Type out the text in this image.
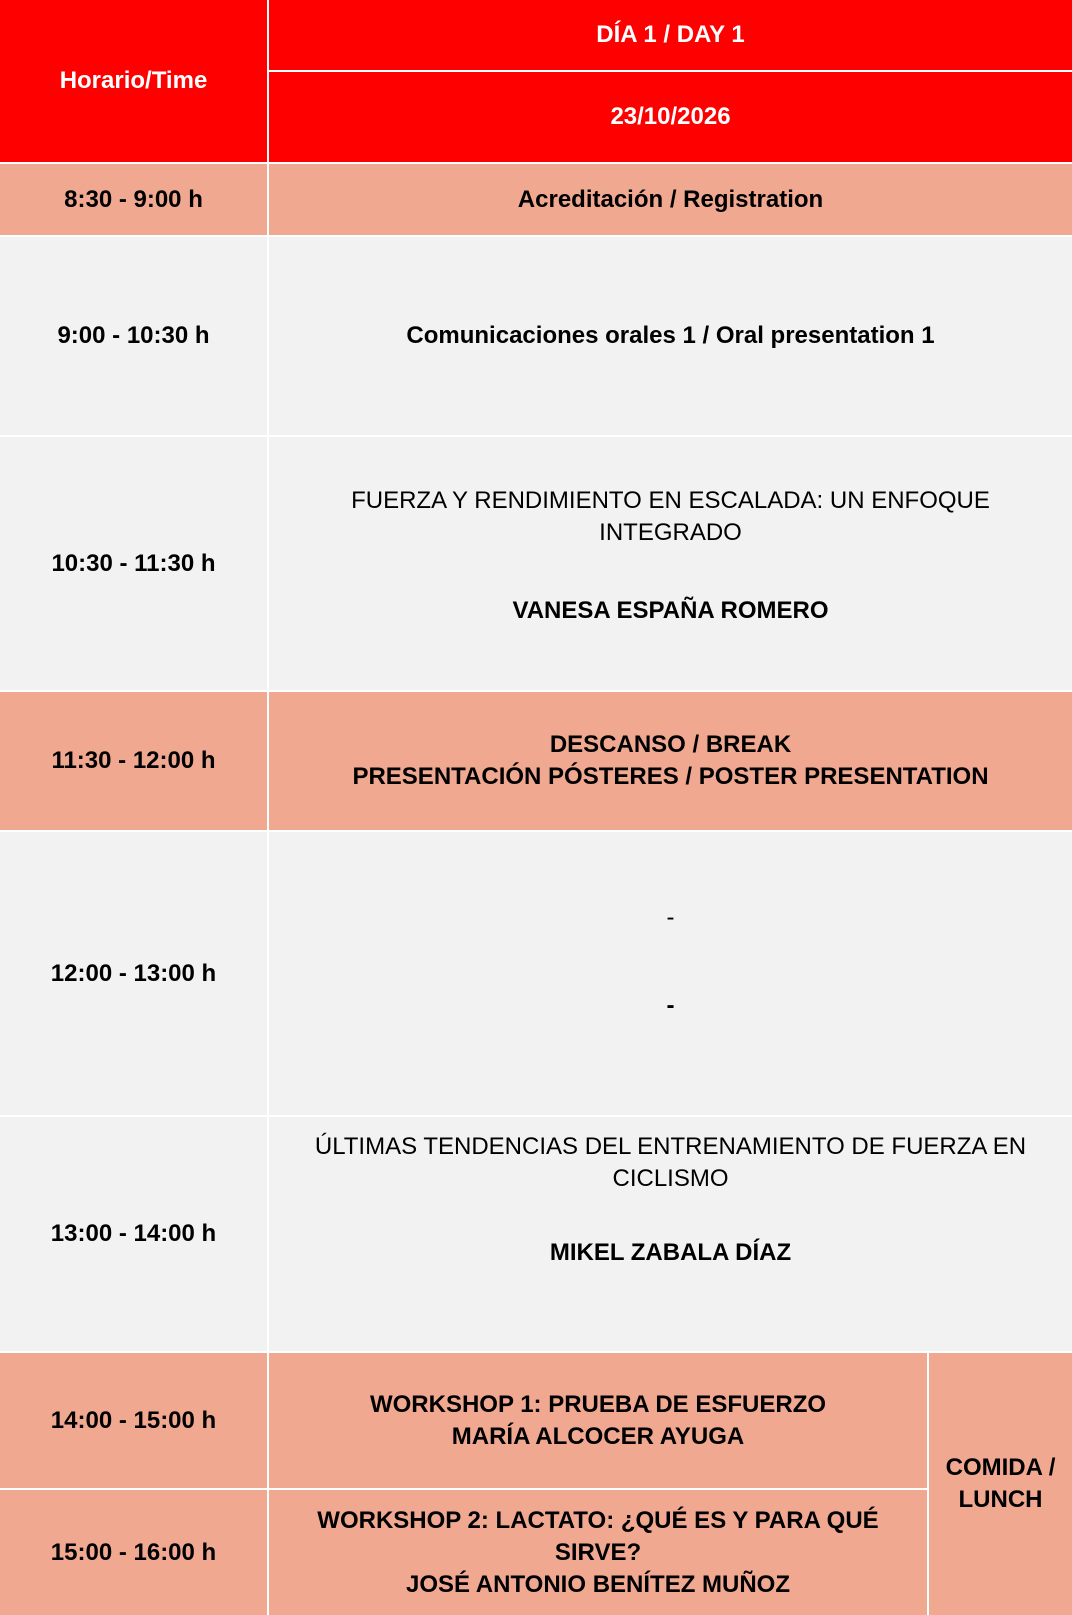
Horario/Time
DÍA 1 / DAY 1
23/10/2026
8:30 - 9:00 h	Acreditación / Registration
9:00 - 10:30 h	Comunicaciones orales 1 / Oral presentation 1
10:30 - 11:30 h
FUERZA Y RENDIMIENTO EN ESCALADA: UN ENFOQUE INTEGRADO
VANESA ESPAÑA ROMERO
11:30 - 12:00 h
DESCANSO / BREAK
PRESENTACIÓN PÓSTERES / POSTER PRESENTATION
12:00 - 13:00 h
-
-
13:00 - 14:00 h
ÚLTIMAS TENDENCIAS DEL ENTRENAMIENTO DE FUERZA EN CICLISMO
MIKEL ZABALA DÍAZ
14:00 - 15:00 h
WORKSHOP 1: PRUEBA DE ESFUERZO
MARÍA ALCOCER AYUGA
15:00 - 16:00 h
WORKSHOP 2: LACTATO: ¿QUÉ ES Y PARA QUÉ SIRVE?
JOSÉ ANTONIO BENÍTEZ MUÑOZ
COMIDA / LUNCH
